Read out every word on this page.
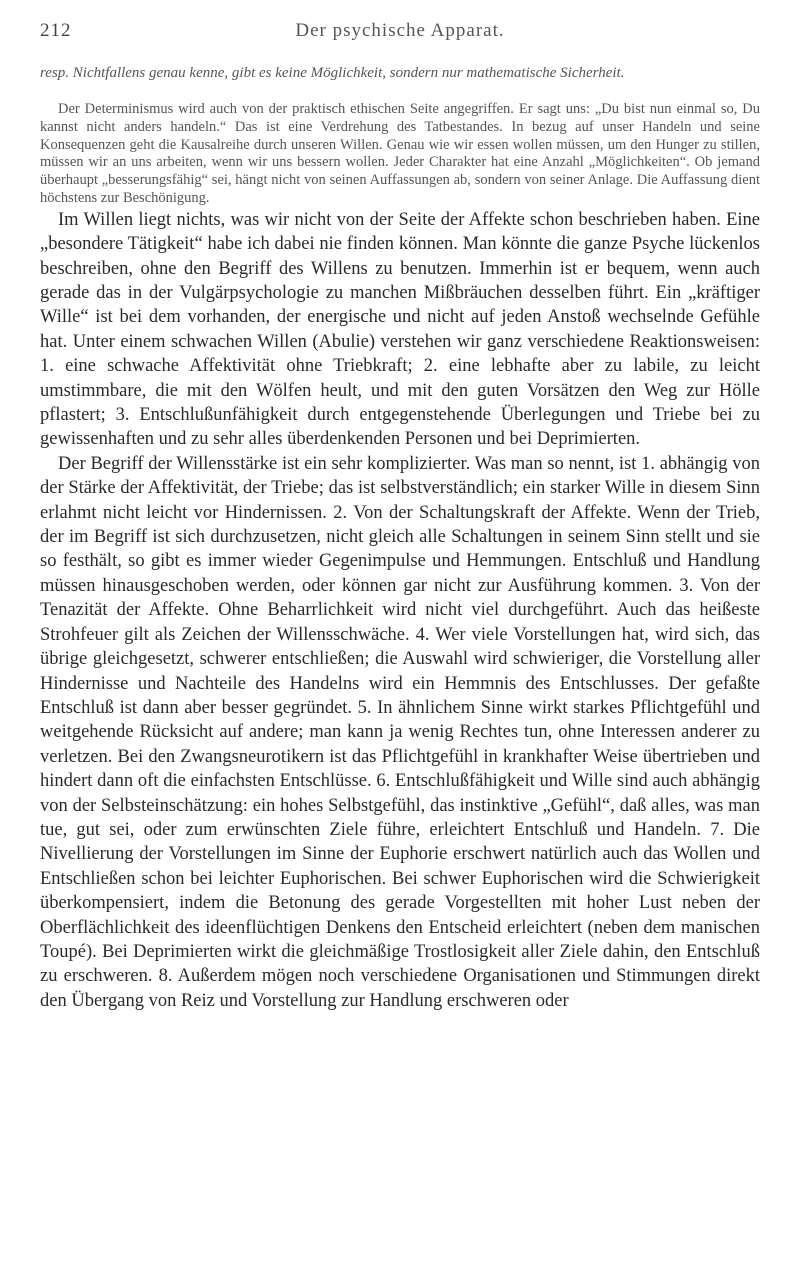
212	Der psychische Apparat.

resp. Nichtfallens genau kenne, gibt es keine Möglichkeit, sondern nur mathematische Sicherheit.

Der Determinismus wird auch von der praktisch ethischen Seite angegriffen. Er sagt uns: „Du bist nun einmal so, Du kannst nicht anders handeln.“ Das ist eine Verdrehung des Tatbestandes. In bezug auf unser Handeln und seine Konsequenzen geht die Kausalreihe durch unseren Willen. Genau wie wir essen wollen müssen, um den Hunger zu stillen, müssen wir an uns arbeiten, wenn wir uns bessern wollen. Jeder Charakter hat eine Anzahl „Möglichkeiten“. Ob jemand überhaupt „besserungsfähig“ sei, hängt nicht von seinen Auffassungen ab, sondern von seiner Anlage. Die Auffassung dient höchstens zur Beschönigung.

Im Willen liegt nichts, was wir nicht von der Seite der Affekte schon beschrieben haben. Eine „besondere Tätigkeit“ habe ich dabei nie finden können. Man könnte die ganze Psyche lückenlos beschreiben, ohne den Begriff des Willens zu benutzen. Immerhin ist er bequem, wenn auch gerade das in der Vulgärpsychologie zu manchen Mißbräuchen desselben führt. Ein „kräftiger Wille“ ist bei dem vorhanden, der energische und nicht auf jeden Anstoß wechselnde Gefühle hat. Unter einem schwachen Willen (Abulie) verstehen wir ganz verschiedene Reaktionsweisen: 1. eine schwache Affektivität ohne Triebkraft; 2. eine lebhafte aber zu labile, zu leicht umstimmbare, die mit den Wölfen heult, und mit den guten Vorsätzen den Weg zur Hölle pflastert; 3. Entschlußunfähigkeit durch entgegenstehende Überlegungen und Triebe bei zu gewissenhaften und zu sehr alles überdenkenden Personen und bei Deprimierten.

Der Begriff der Willensstärke ist ein sehr komplizierter. Was man so nennt, ist 1. abhängig von der Stärke der Affektivität, der Triebe; das ist selbstverständlich; ein starker Wille in diesem Sinn erlahmt nicht leicht vor Hindernissen. 2. Von der Schaltungskraft der Affekte. Wenn der Trieb, der im Begriff ist sich durchzusetzen, nicht gleich alle Schaltungen in seinem Sinn stellt und sie so festhält, so gibt es immer wieder Gegenimpulse und Hemmungen. Entschluß und Handlung müssen hinausgeschoben werden, oder können gar nicht zur Ausführung kommen. 3. Von der Tenazität der Affekte. Ohne Beharrlichkeit wird nicht viel durchgeführt. Auch das heißeste Strohfeuer gilt als Zeichen der Willensschwäche. 4. Wer viele Vorstellungen hat, wird sich, das übrige gleichgesetzt, schwerer entschließen; die Auswahl wird schwieriger, die Vorstellung aller Hindernisse und Nachteile des Handelns wird ein Hemmnis des Entschlusses. Der gefaßte Entschluß ist dann aber besser gegründet. 5. In ähnlichem Sinne wirkt starkes Pflichtgefühl und weitgehende Rücksicht auf andere; man kann ja wenig Rechtes tun, ohne Interessen anderer zu verletzen. Bei den Zwangsneurotikern ist das Pflichtgefühl in krankhafter Weise übertrieben und hindert dann oft die einfachsten Entschlüsse. 6. Entschlußfähigkeit und Wille sind auch abhängig von der Selbsteinschätzung: ein hohes Selbstgefühl, das instinktive „Gefühl“, daß alles, was man tue, gut sei, oder zum erwünschten Ziele führe, erleichtert Entschluß und Handeln. 7. Die Nivellierung der Vorstellungen im Sinne der Euphorie erschwert natürlich auch das Wollen und Entschließen schon bei leichter Euphorischen. Bei schwer Euphorischen wird die Schwierigkeit überkompensiert, indem die Betonung des gerade Vorgestellten mit hoher Lust neben der Oberflächlichkeit des ideenflüchtigen Denkens den Entscheid erleichtert (neben dem manischen Toupé). Bei Deprimierten wirkt die gleichmäßige Trostlosigkeit aller Ziele dahin, den Entschluß zu erschweren. 8. Außerdem mögen noch verschiedene Organisationen und Stimmungen direkt den Übergang von Reiz und Vorstellung zur Handlung erschweren oder
